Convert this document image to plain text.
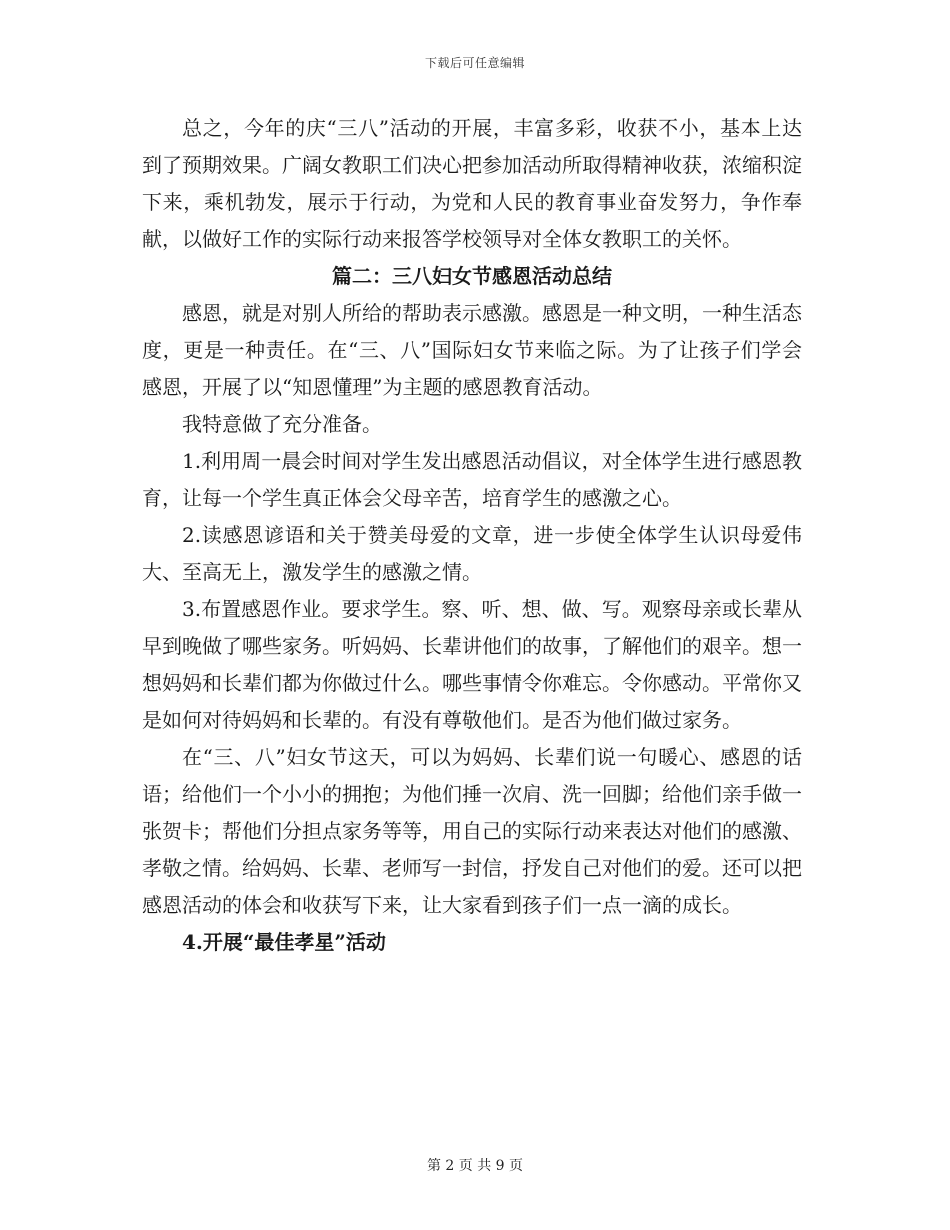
下载后可任意编辑

总之，今年的庆“三八”活动的开展，丰富多彩，收获不小，基本上达到了预期效果。广阔女教职工们决心把参加活动所取得精神收获，浓缩积淀下来，乘机勃发，展示于行动，为党和人民的教育事业奋发努力，争作奉献，以做好工作的实际行动来报答学校领导对全体女教职工的关怀。

篇二：三八妇女节感恩活动总结

感恩，就是对别人所给的帮助表示感激。感恩是一种文明，一种生活态度，更是一种责任。在“三、八”国际妇女节来临之际。为了让孩子们学会感恩，开展了以“知恩懂理”为主题的感恩教育活动。

我特意做了充分准备。

1.利用周一晨会时间对学生发出感恩活动倡议，对全体学生进行感恩教育，让每一个学生真正体会父母辛苦，培育学生的感激之心。

2.读感恩谚语和关于赞美母爱的文章，进一步使全体学生认识母爱伟大、至高无上，激发学生的感激之情。

3.布置感恩作业。要求学生。察、听、想、做、写。观察母亲或长辈从早到晚做了哪些家务。听妈妈、长辈讲他们的故事，了解他们的艰辛。想一想妈妈和长辈们都为你做过什么。哪些事情令你难忘。令你感动。平常你又是如何对待妈妈和长辈的。有没有尊敬他们。是否为他们做过家务。

在“三、八”妇女节这天，可以为妈妈、长辈们说一句暖心、感恩的话语；给他们一个小小的拥抱；为他们捶一次肩、洗一回脚；给他们亲手做一张贺卡；帮他们分担点家务等等，用自己的实际行动来表达对他们的感激、孝敬之情。给妈妈、长辈、老师写一封信，抒发自己对他们的爱。还可以把感恩活动的体会和收获写下来，让大家看到孩子们一点一滴的成长。

4.开展“最佳孝星”活动

第 2 页 共 9 页
